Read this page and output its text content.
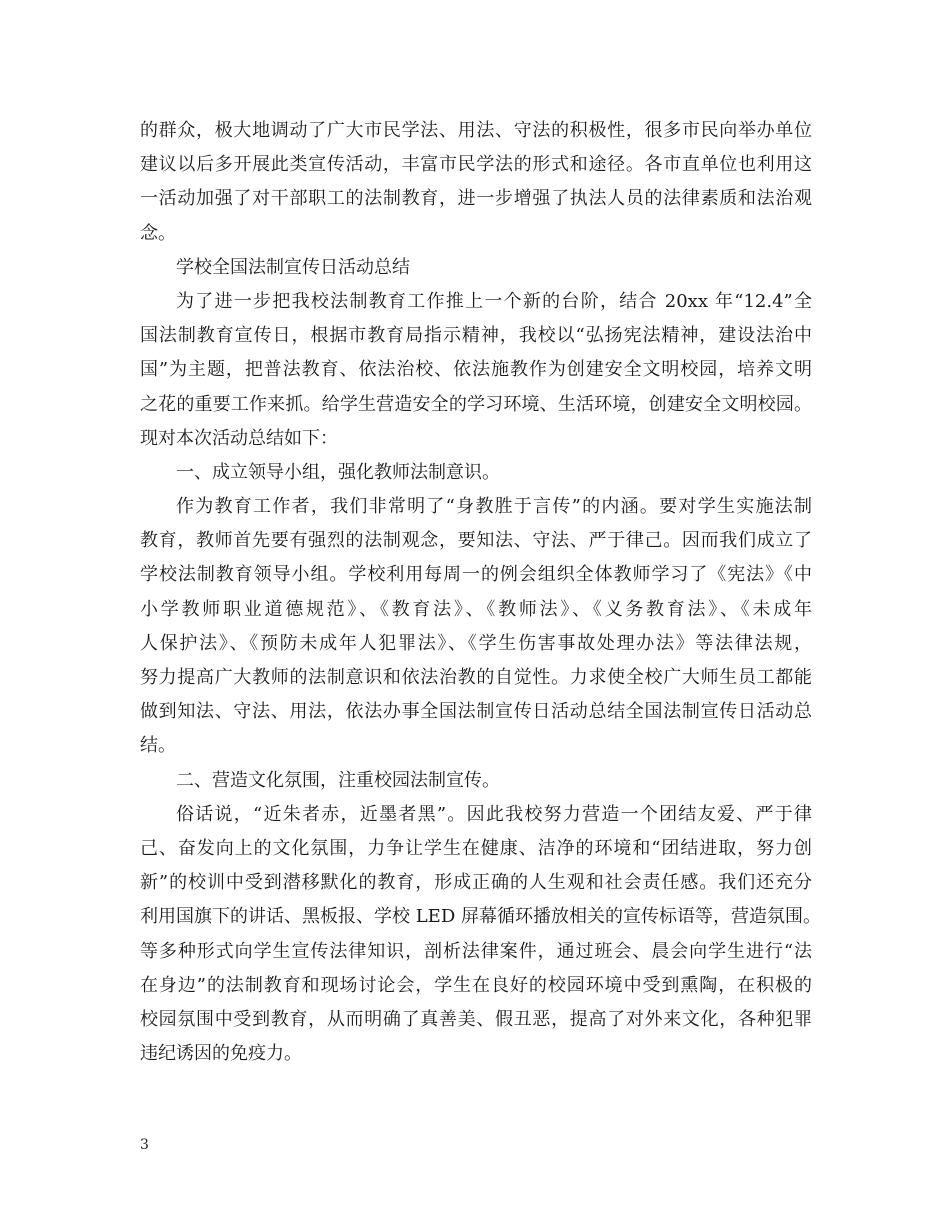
的群众，极大地调动了广大市民学法、用法、守法的积极性，很多市民向举办单位
建议以后多开展此类宣传活动，丰富市民学法的形式和途径。各市直单位也利用这
一活动加强了对干部职工的法制教育，进一步增强了执法人员的法律素质和法治观
念。
学校全国法制宣传日活动总结
为了进一步把我校法制教育工作推上一个新的台阶，结合 20xx 年“12.4”全
国法制教育宣传日，根据市教育局指示精神，我校以“弘扬宪法精神，建设法治中
国”为主题，把普法教育、依法治校、依法施教作为创建安全文明校园，培养文明
之花的重要工作来抓。给学生营造安全的学习环境、生活环境，创建安全文明校园。
现对本次活动总结如下：
一、成立领导小组，强化教师法制意识。
作为教育工作者，我们非常明了“身教胜于言传”的内涵。要对学生实施法制
教育，教师首先要有强烈的法制观念，要知法、守法、严于律己。因而我们成立了
学校法制教育领导小组。学校利用每周一的例会组织全体教师学习了《宪法》《中
小学教师职业道德规范》、《教育法》、《教师法》、《义务教育法》、《未成年
人保护法》、《预防未成年人犯罪法》、《学生伤害事故处理办法》等法律法规，
努力提高广大教师的法制意识和依法治教的自觉性。力求使全校广大师生员工都能
做到知法、守法、用法，依法办事全国法制宣传日活动总结全国法制宣传日活动总
结。
二、营造文化氛围，注重校园法制宣传。
俗话说，“近朱者赤，近墨者黑”。因此我校努力营造一个团结友爱、严于律
己、奋发向上的文化氛围，力争让学生在健康、洁净的环境和“团结进取，努力创
新”的校训中受到潜移默化的教育，形成正确的人生观和社会责任感。我们还充分
利用国旗下的讲话、黑板报、学校 LED 屏幕循环播放相关的宣传标语等，营造氛围。
等多种形式向学生宣传法律知识，剖析法律案件，通过班会、晨会向学生进行“法
在身边”的法制教育和现场讨论会，学生在良好的校园环境中受到熏陶，在积极的
校园氛围中受到教育，从而明确了真善美、假丑恶，提高了对外来文化，各种犯罪
违纪诱因的免疫力。
3
